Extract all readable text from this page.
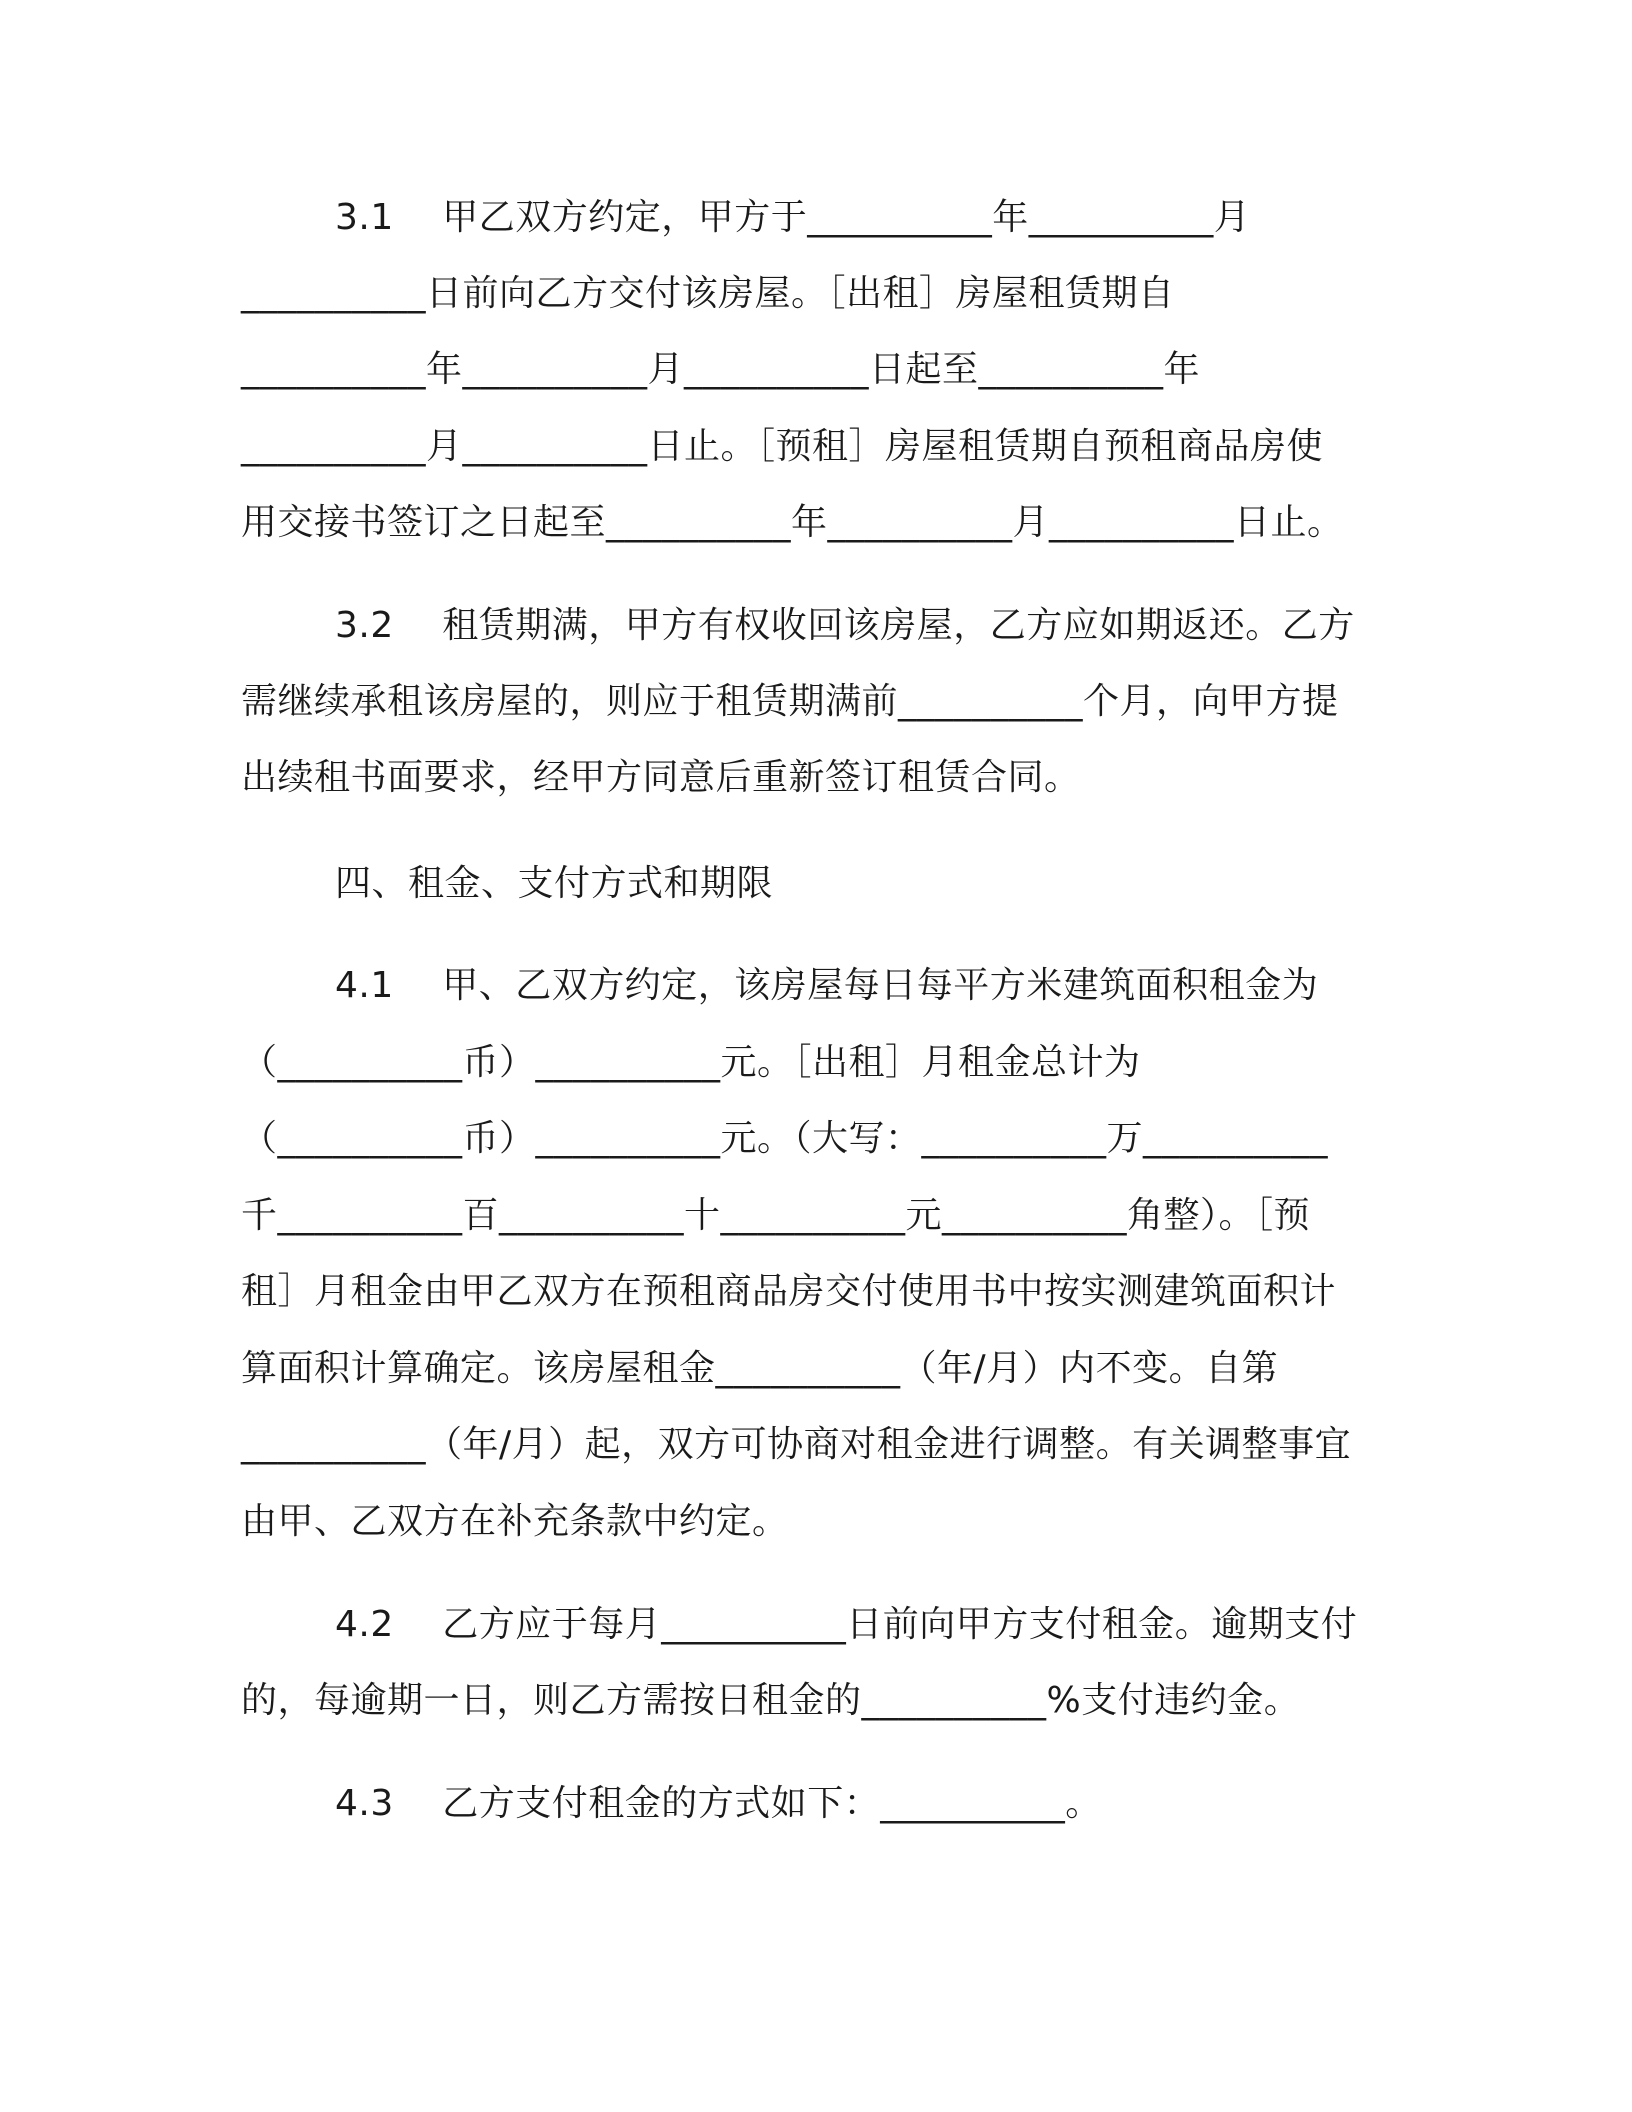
3.1　 甲乙双方约定，甲方于__________年__________月
__________日前向乙方交付该房屋。［出租］房屋租赁期自
__________年__________月__________日起至__________年
__________月__________日止。［预租］房屋租赁期自预租商品房使
用交接书签订之日起至__________年__________月__________日止。
3.2　 租赁期满，甲方有权收回该房屋，乙方应如期返还。乙方
需继续承租该房屋的，则应于租赁期满前__________个月，向甲方提
出续租书面要求，经甲方同意后重新签订租赁合同。
四、租金、支付方式和期限
4.1　 甲、乙双方约定，该房屋每日每平方米建筑面积租金为
（__________币）__________元。［出租］月租金总计为
（__________币）__________元。（大写：__________万__________
千__________百__________十__________元__________角整）。［预
租］月租金由甲乙双方在预租商品房交付使用书中按实测建筑面积计
算面积计算确定。该房屋租金__________（年/月）内不变。自第
__________（年/月）起，双方可协商对租金进行调整。有关调整事宜
由甲、乙双方在补充条款中约定。
4.2　 乙方应于每月__________日前向甲方支付租金。逾期支付
的，每逾期一日，则乙方需按日租金的__________%支付违约金。
4.3　 乙方支付租金的方式如下：__________。
